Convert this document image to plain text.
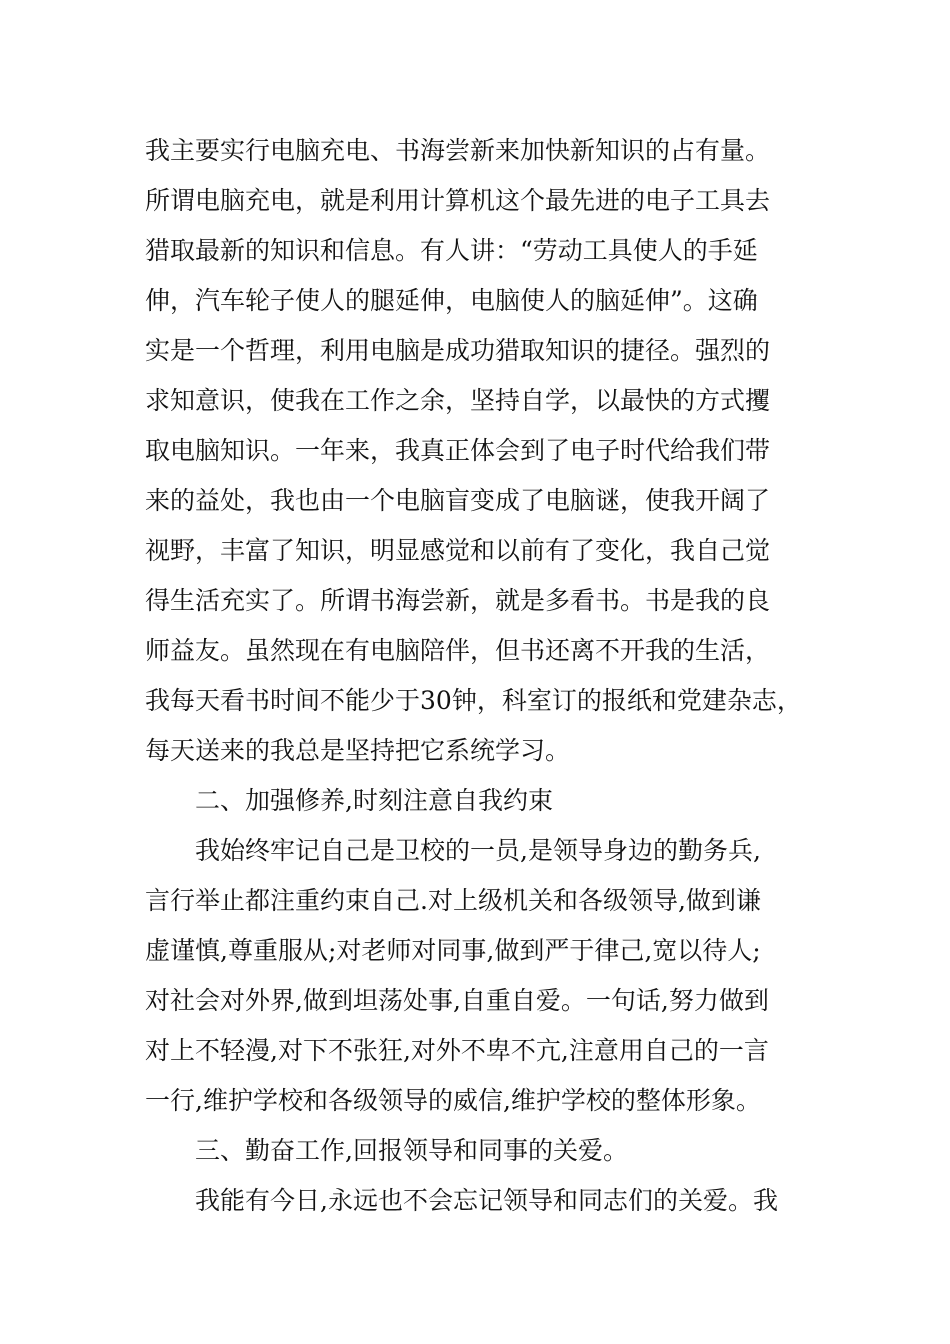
我主要实行电脑充电、书海尝新来加快新知识的占有量。
所谓电脑充电，就是利用计算机这个最先进的电子工具去
猎取最新的知识和信息。有人讲：“劳动工具使人的手延
伸，汽车轮子使人的腿延伸，电脑使人的脑延伸”。这确
实是一个哲理，利用电脑是成功猎取知识的捷径。强烈的
求知意识，使我在工作之余，坚持自学，以最快的方式攫
取电脑知识。一年来，我真正体会到了电子时代给我们带
来的益处，我也由一个电脑盲变成了电脑谜，使我开阔了
视野，丰富了知识，明显感觉和以前有了变化，我自己觉
得生活充实了。所谓书海尝新，就是多看书。书是我的良
师益友。虽然现在有电脑陪伴，但书还离不开我的生活，
我每天看书时间不能少于30钟，科室订的报纸和党建杂志，
每天送来的我总是坚持把它系统学习。
二、加强修养,时刻注意自我约束
我始终牢记自己是卫校的一员,是领导身边的勤务兵,
言行举止都注重约束自己.对上级机关和各级领导,做到谦
虚谨慎,尊重服从;对老师对同事,做到严于律己,宽以待人;
对社会对外界,做到坦荡处事,自重自爱。一句话,努力做到
对上不轻漫,对下不张狂,对外不卑不亢,注意用自己的一言
一行,维护学校和各级领导的威信,维护学校的整体形象。
三、勤奋工作,回报领导和同事的关爱。
我能有今日,永远也不会忘记领导和同志们的关爱。我
